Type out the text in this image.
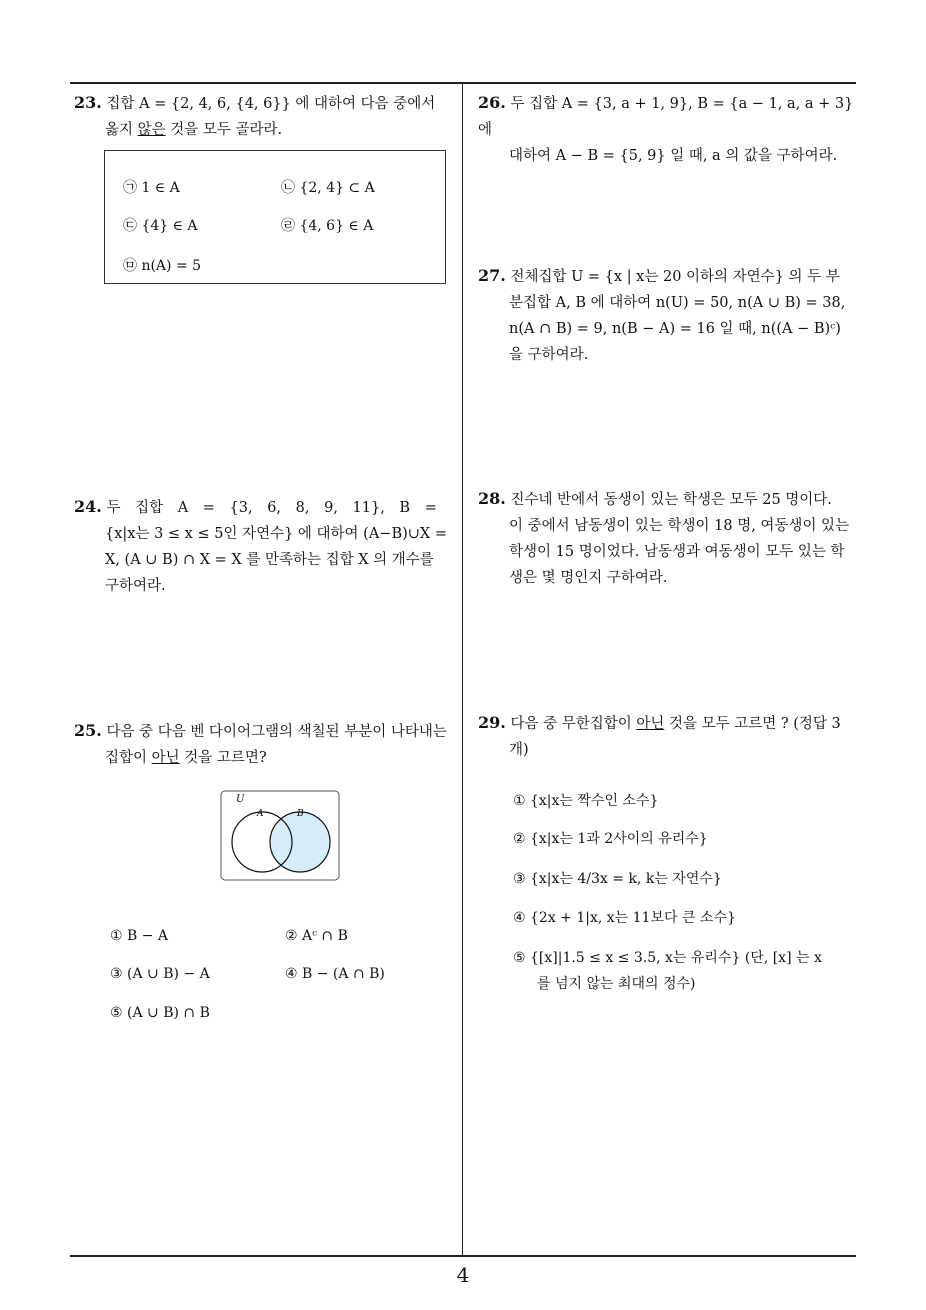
23. 집합 A = {2, 4, 6, {4, 6}} 에 대하여 다음 중에서
옳지 않은 것을 모두 골라라.
㉠ 1 ∈ A	㉡ {2, 4} ⊂ A
㉢ {4} ∈ A	㉣ {4, 6} ∈ A
㉤ n(A) = 5
24. 두 집합 A = {3, 6, 8, 9, 11}, B =
{x|x는 3 ≤ x ≤ 5인 자연수} 에 대하여 (A−B)∪X =
X, (A ∪ B) ∩ X = X 를 만족하는 집합 X 의 개수를
구하여라.
25. 다음 중 다음 벤 다이어그램의 색칠된 부분이 나타내는
집합이 아닌 것을 고르면?
U
A	B
① B − A	② Aᶜ ∩ B
③ (A ∪ B) − A	④ B − (A ∩ B)
⑤ (A ∪ B) ∩ B
26. 두 집합 A = {3, a + 1, 9}, B = {a − 1, a, a + 3} 에
대하여 A − B = {5, 9} 일 때, a 의 값을 구하여라.
27. 전체집합 U = {x | x는 20 이하의 자연수} 의 두 부
분집합 A, B 에 대하여 n(U) = 50, n(A ∪ B) = 38,
n(A ∩ B) = 9, n(B − A) = 16 일 때, n((A − B)ᶜ)
을 구하여라.
28. 진수네 반에서 동생이 있는 학생은 모두 25 명이다.
이 중에서 남동생이 있는 학생이 18 명, 여동생이 있는
학생이 15 명이었다. 남동생과 여동생이 모두 있는 학
생은 몇 명인지 구하여라.
29. 다음 중 무한집합이 아닌 것을 모두 고르면 ? (정답 3
개)
① {x|x는 짝수인 소수}
② {x|x는 1과 2사이의 유리수}
③ {x|x는 4/3x = k, k는 자연수}
④ {2x + 1|x, x는 11보다 큰 소수}
⑤ {[x]|1.5 ≤ x ≤ 3.5, x는 유리수} (단, [x] 는 x
를 넘지 않는 최대의 정수)
4
